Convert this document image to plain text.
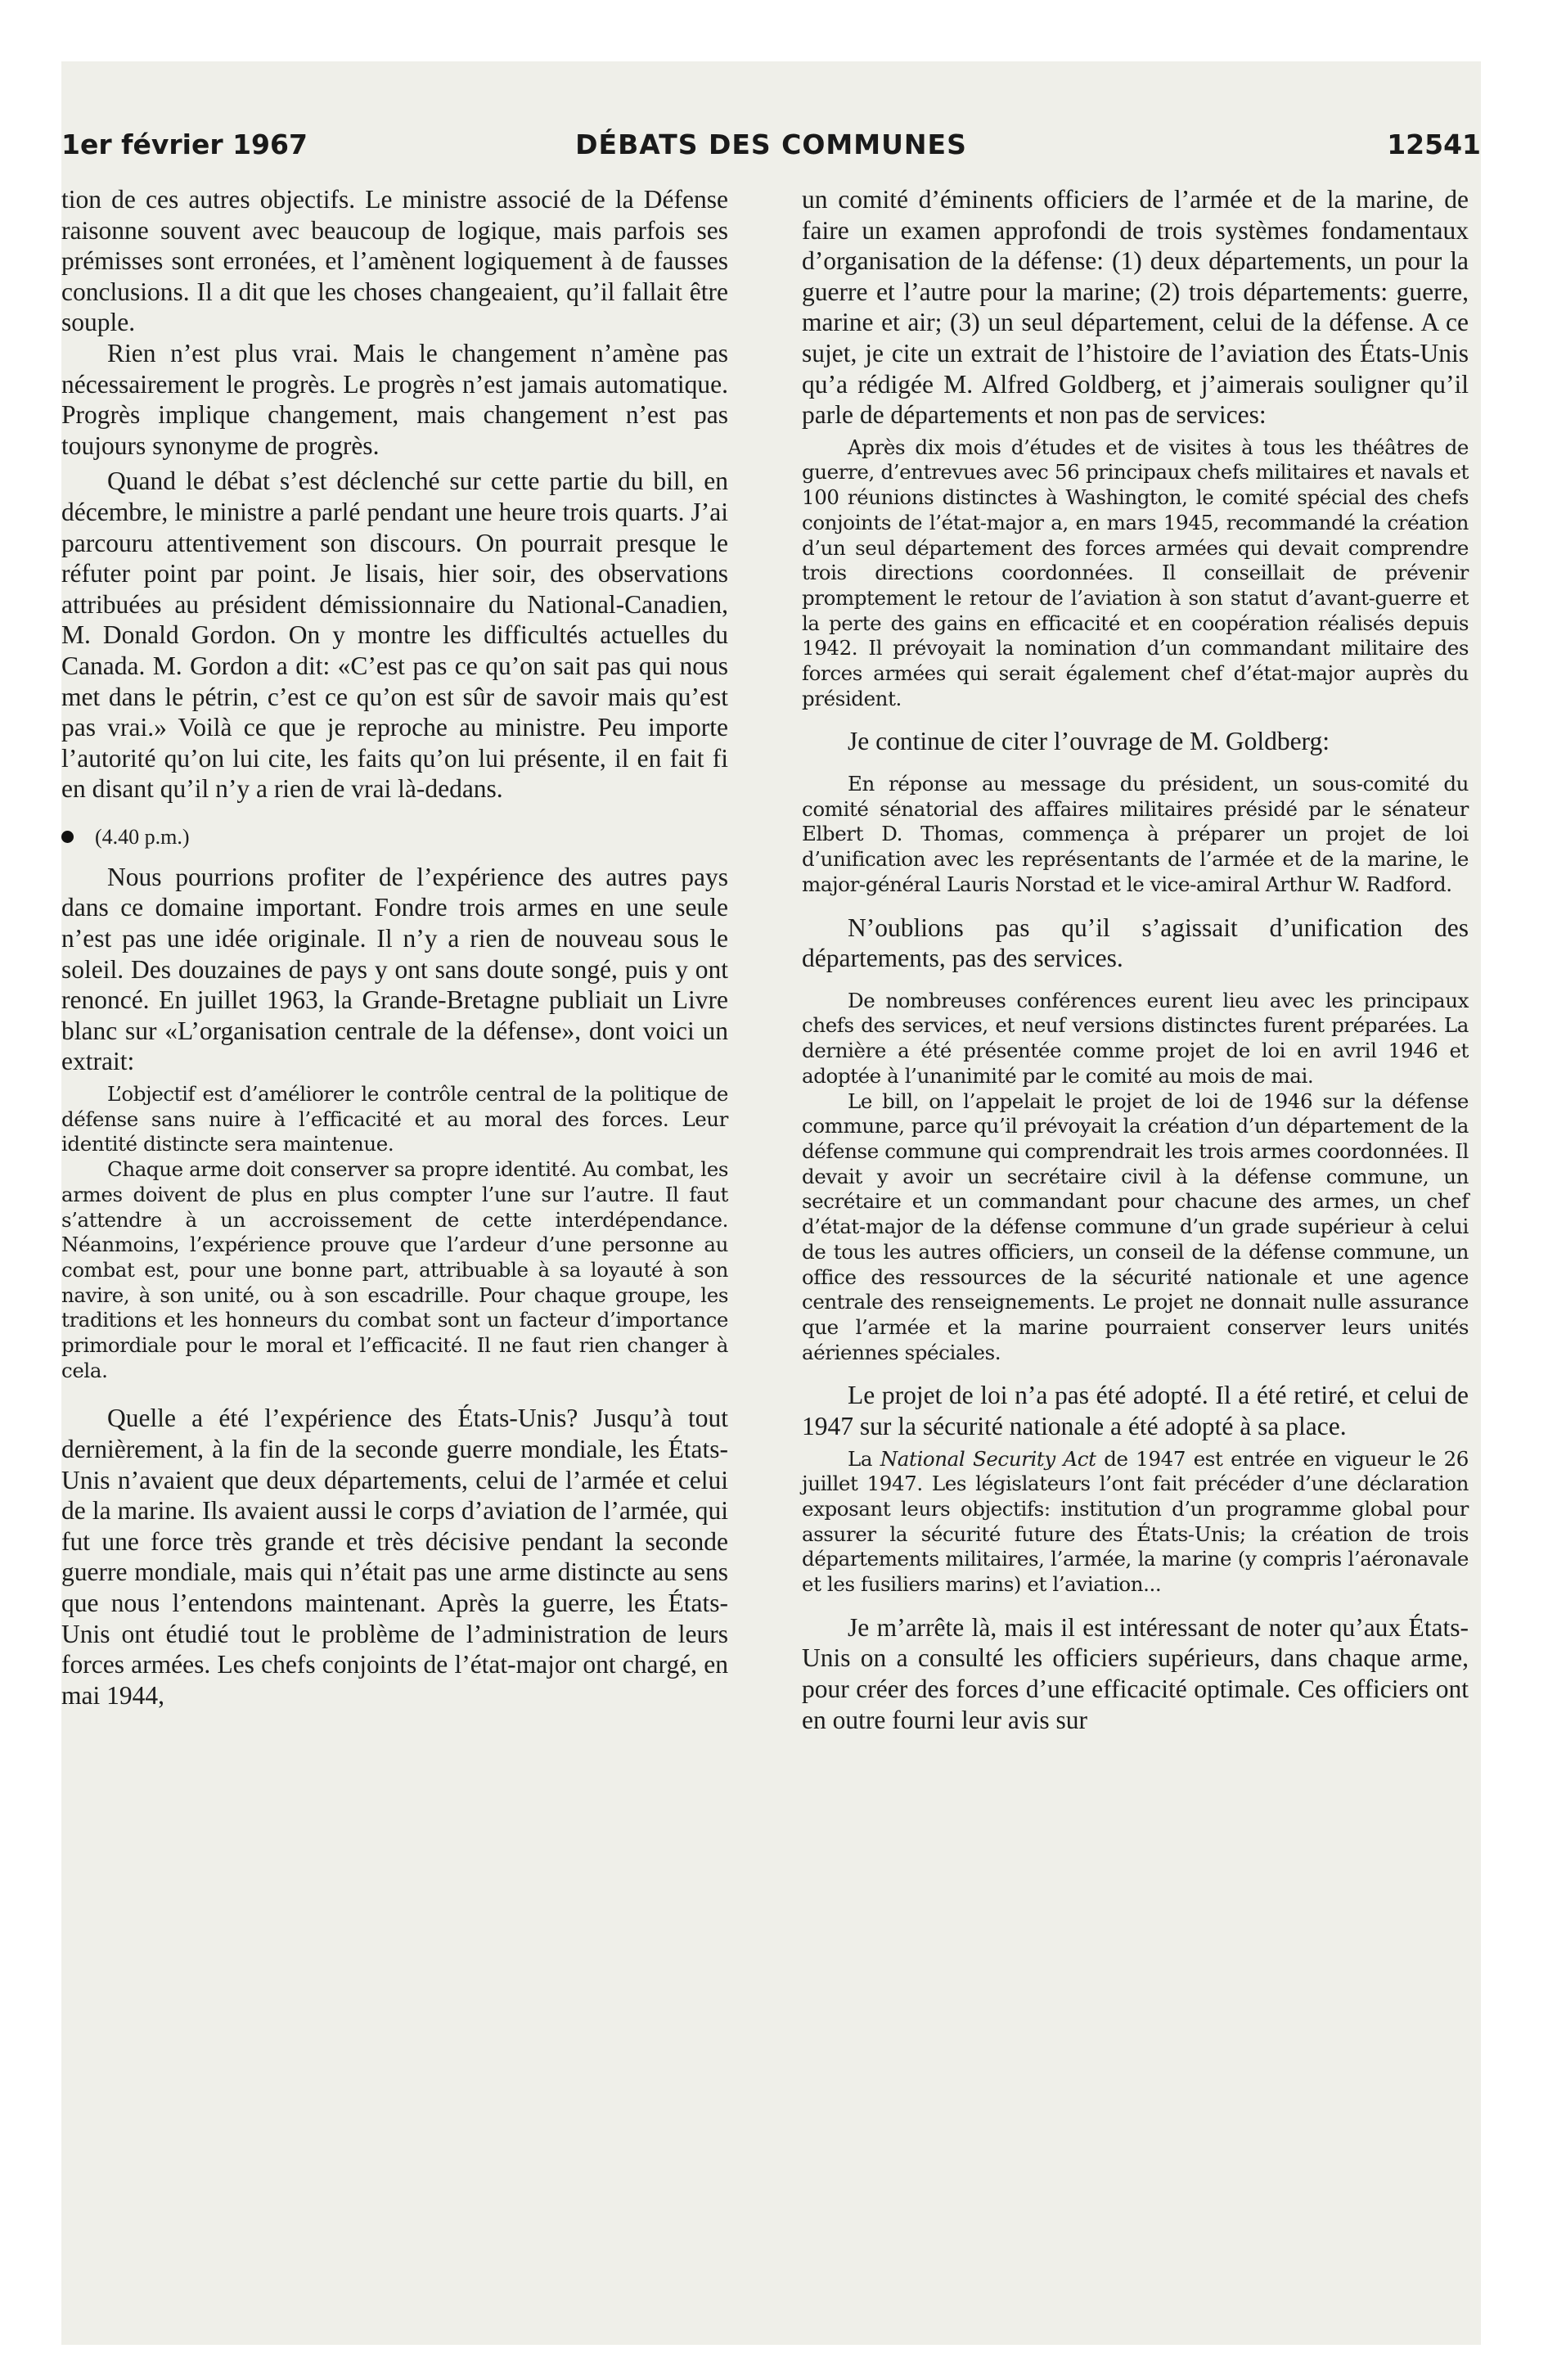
1er février 1967	DÉBATS DES COMMUNES	12541

tion de ces autres objectifs. Le ministre associé de la Défense raisonne souvent avec beaucoup de logique, mais parfois ses prémisses sont erronées, et l’amènent logiquement à de fausses conclusions. Il a dit que les choses changeaient, qu’il fallait être souple.

Rien n’est plus vrai. Mais le changement n’amène pas nécessairement le progrès. Le progrès n’est jamais automatique. Progrès implique changement, mais changement n’est pas toujours synonyme de progrès.

Quand le débat s’est déclenché sur cette partie du bill, en décembre, le ministre a parlé pendant une heure trois quarts. J’ai parcouru attentivement son discours. On pourrait presque le réfuter point par point. Je lisais, hier soir, des observations attribuées au président démissionnaire du National-Canadien, M. Donald Gordon. On y montre les difficultés actuelles du Canada. M. Gordon a dit: «C’est pas ce qu’on sait pas qui nous met dans le pétrin, c’est ce qu’on est sûr de savoir mais qu’est pas vrai.» Voilà ce que je reproche au ministre. Peu importe l’autorité qu’on lui cite, les faits qu’on lui présente, il en fait fi en disant qu’il n’y a rien de vrai là-dedans.

(4.40 p.m.)

Nous pourrions profiter de l’expérience des autres pays dans ce domaine important. Fondre trois armes en une seule n’est pas une idée originale. Il n’y a rien de nouveau sous le soleil. Des douzaines de pays y ont sans doute songé, puis y ont renoncé. En juillet 1963, la Grande-Bretagne publiait un Livre blanc sur «L’organisation centrale de la défense», dont voici un extrait:

L’objectif est d’améliorer le contrôle central de la politique de défense sans nuire à l’efficacité et au moral des forces. Leur identité distincte sera maintenue.

Chaque arme doit conserver sa propre identité. Au combat, les armes doivent de plus en plus compter l’une sur l’autre. Il faut s’attendre à un accroissement de cette interdépendance. Néanmoins, l’expérience prouve que l’ardeur d’une personne au combat est, pour une bonne part, attribuable à sa loyauté à son navire, à son unité, ou à son escadrille. Pour chaque groupe, les traditions et les honneurs du combat sont un facteur d’importance primordiale pour le moral et l’efficacité. Il ne faut rien changer à cela.

Quelle a été l’expérience des États-Unis? Jusqu’à tout dernièrement, à la fin de la seconde guerre mondiale, les États-Unis n’avaient que deux départements, celui de l’armée et celui de la marine. Ils avaient aussi le corps d’aviation de l’armée, qui fut une force très grande et très décisive pendant la seconde guerre mondiale, mais qui n’était pas une arme distincte au sens que nous l’entendons maintenant. Après la guerre, les États-Unis ont étudié tout le problème de l’administration de leurs forces armées. Les chefs conjoints de l’état-major ont chargé, en mai 1944,

un comité d’éminents officiers de l’armée et de la marine, de faire un examen approfondi de trois systèmes fondamentaux d’organisation de la défense: (1) deux départements, un pour la guerre et l’autre pour la marine; (2) trois départements: guerre, marine et air; (3) un seul département, celui de la défense. A ce sujet, je cite un extrait de l’histoire de l’aviation des États-Unis qu’a rédigée M. Alfred Goldberg, et j’aimerais souligner qu’il parle de départements et non pas de services:

Après dix mois d’études et de visites à tous les théâtres de guerre, d’entrevues avec 56 principaux chefs militaires et navals et 100 réunions distinctes à Washington, le comité spécial des chefs conjoints de l’état-major a, en mars 1945, recommandé la création d’un seul département des forces armées qui devait comprendre trois directions coordonnées. Il conseillait de prévenir promptement le retour de l’aviation à son statut d’avant-guerre et la perte des gains en efficacité et en coopération réalisés depuis 1942. Il prévoyait la nomination d’un commandant militaire des forces armées qui serait également chef d’état-major auprès du président.

Je continue de citer l’ouvrage de M. Goldberg:

En réponse au message du président, un sous-comité du comité sénatorial des affaires militaires présidé par le sénateur Elbert D. Thomas, commença à préparer un projet de loi d’unification avec les représentants de l’armée et de la marine, le major-général Lauris Norstad et le vice-amiral Arthur W. Radford.

N’oublions pas qu’il s’agissait d’unification des départements, pas des services.

De nombreuses conférences eurent lieu avec les principaux chefs des services, et neuf versions distinctes furent préparées. La dernière a été présentée comme projet de loi en avril 1946 et adoptée à l’unanimité par le comité au mois de mai.

Le bill, on l’appelait le projet de loi de 1946 sur la défense commune, parce qu’il prévoyait la création d’un département de la défense commune qui comprendrait les trois armes coordonnées. Il devait y avoir un secrétaire civil à la défense commune, un secrétaire et un commandant pour chacune des armes, un chef d’état-major de la défense commune d’un grade supérieur à celui de tous les autres officiers, un conseil de la défense commune, un office des ressources de la sécurité nationale et une agence centrale des renseignements. Le projet ne donnait nulle assurance que l’armée et la marine pourraient conserver leurs unités aériennes spéciales.

Le projet de loi n’a pas été adopté. Il a été retiré, et celui de 1947 sur la sécurité nationale a été adopté à sa place.

La National Security Act de 1947 est entrée en vigueur le 26 juillet 1947. Les législateurs l’ont fait précéder d’une déclaration exposant leurs objectifs: institution d’un programme global pour assurer la sécurité future des États-Unis; la création de trois départements militaires, l’armée, la marine (y compris l’aéronavale et les fusiliers marins) et l’aviation...

Je m’arrête là, mais il est intéressant de noter qu’aux États-Unis on a consulté les officiers supérieurs, dans chaque arme, pour créer des forces d’une efficacité optimale. Ces officiers ont en outre fourni leur avis sur
